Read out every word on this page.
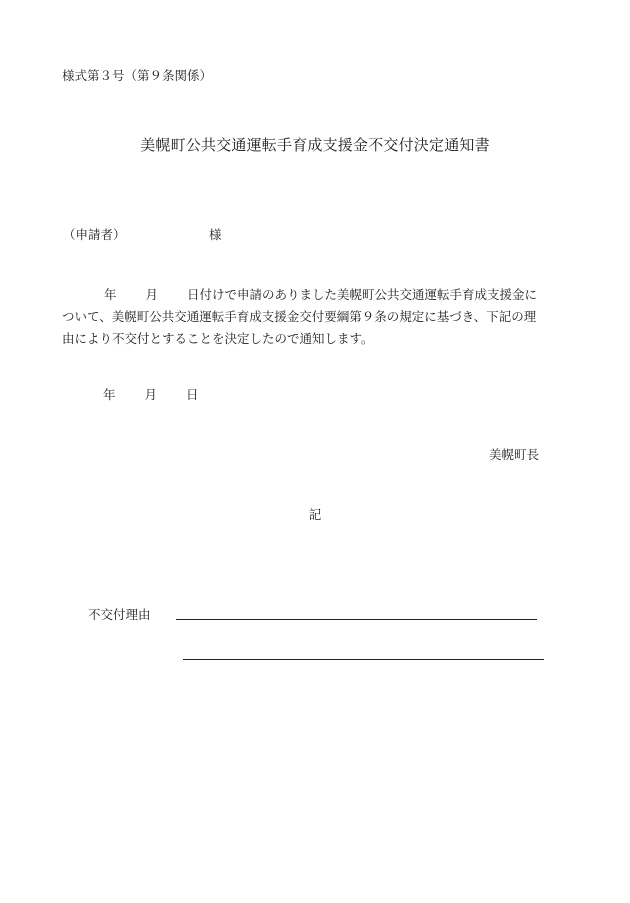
様式第３号（第９条関係）
美幌町公共交通運転手育成支援金不交付決定通知書
（申請者）	様
年 月 日付けで申請のありました美幌町公共交通運転手育成支援金に
ついて、美幌町公共交通運転手育成支援金交付要綱第９条の規定に基づき、下記の理
由により不交付とすることを決定したので通知します。
年 月 日
美幌町長
記
不交付理由
